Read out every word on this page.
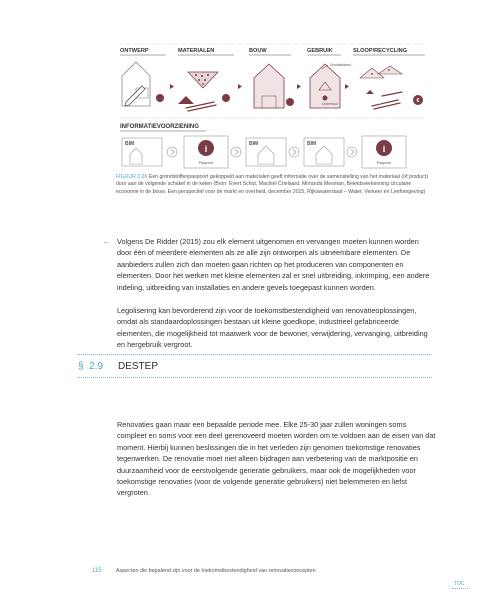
ONTWERP	MATERIALEN	BOUW	GEBRUIK	SLOOP/RECYCLING
Grondstofkeuri
Onderhoud	€
INFORMATIEVOORZIENING
BIM	i
Paspoort
BIM	BIM	i
Paspoort
FIGUUR 2.26 Een grondstoffenpaspoort gekoppeld aan materialen geeft informatie over de samenstelling van het materiaal (of product) door aan de volgende schakel in de keten (Bron: Evert Schut, Machiel Crielaard, Mirranda Mesman, Beleidsverkenning circulaire economie in de bouw. Een perspectief voor de markt en overheid, december 2015, Rijkswaterstaat – Water, Verkeer en Leefomgeving)
– Volgens De Ridder (2015) zou elk element uitgenomen en vervangen moeten kunnen worden door één of meerdere elementen als ze alle zijn ontworpen als uitneembare elementen. De aanbieders zullen zich dan moeten gaan richten op het produceren van componenten en elementen. Door het werken met kleine elementen zal er snel uitbreiding, inkrimping, een andere indeling, uitbreiding van installaties en andere gevels toegepast kunnen worden.
Legolisering kan bevorderend zijn voor de toekomstbestendigheid van renovatieoplossingen, omdat als standaardoplossingen bestaan uit kleine goedkope, industrieel gefabriceerde elementen, die mogelijkheid tot maatwerk voor de bewoner, verwijdering, vervanging, uitbreiding en hergebruik vergroot.
§ 2.9 DESTEP
Renovaties gaan maar een bepaalde periode mee. Elke 25-30 jaar zullen woningen soms compleet en soms voor een deel gerenoveerd moeten worden om te voldoen aan de eisen van dat moment. Hierbij kunnen beslissingen die in het verleden zijn genomen toekomstige renovaties tegenwerken. De renovatie moet niet alleen bijdragen aan verbetering van de marktpositie en duurzaamheid voor de eerstvolgende generatie gebruikers, maar ook de mogelijkheden voor toekomstige renovaties (voor de volgende generatie gebruikers) niet belemmeren en liefst vergroten.
115	Aspecten die bepalend zijn voor de toekomstbestendigheid van renovatieconcepten
TOC
